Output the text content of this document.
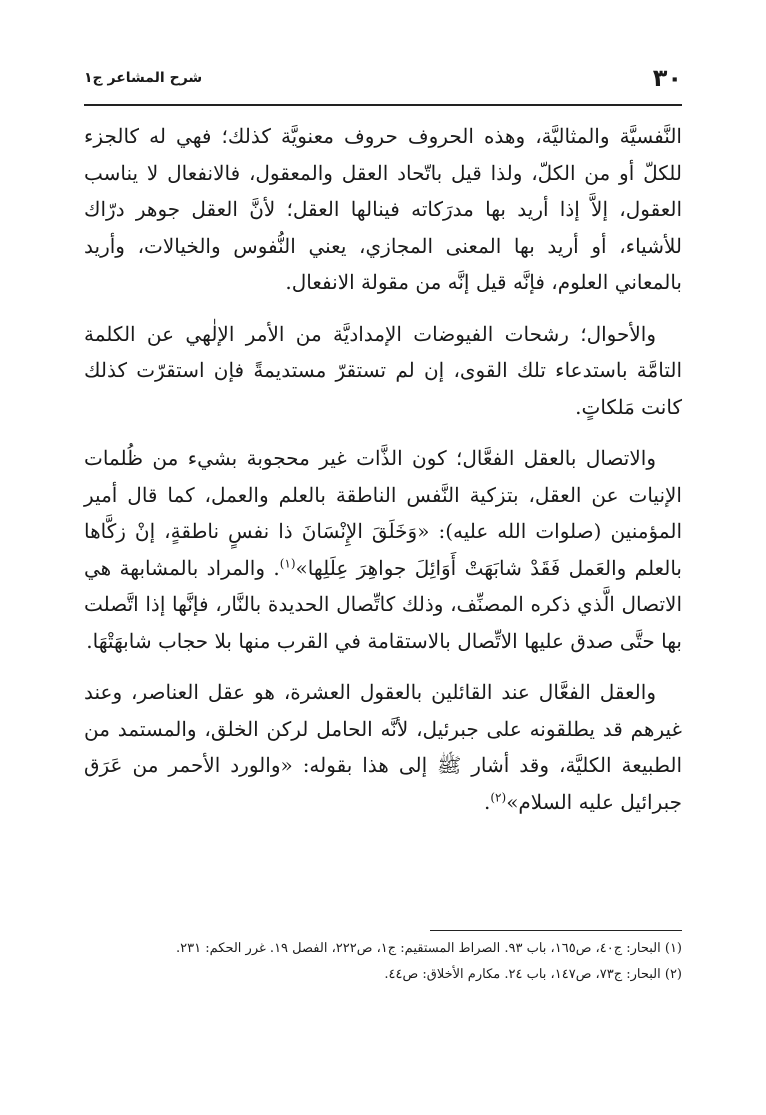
٣٠
شرح المشاعر ج١

النَّفسيَّة والمثاليَّة، وهذه الحروف حروف معنويَّة كذلك؛ فهي له كالجزء للكلّ أو من الكلّ، ولذا قيل باتّحاد العقل والمعقول، فالانفعال لا يناسب العقول، إلاَّ إذا أريد بها مدرَكاته فينالها العقل؛ لأنَّ العقل جوهر درّاك للأشياء، أو أريد بها المعنى المجازي، يعني النُّفوس والخيالات، وأريد بالمعاني العلوم، فإنَّه قيل إنَّه من مقولة الانفعال.

والأحوال؛ رشحات الفيوضات الإمداديَّة من الأمر الإلٰهي عن الكلمة التامَّة باستدعاء تلك القوى، إن لم تستقرّ مستديمةً فإن استقرّت كذلك كانت مَلكاتٍ.

والاتصال بالعقل الفعَّال؛ كون الذَّات غير محجوبة بشيء من ظُلمات الإنيات عن العقل، بتزكية النَّفس الناطقة بالعلم والعمل، كما قال أمير المؤمنين (صلوات الله عليه): «وَخَلَقَ الإِنْسَانَ ذا نفسٍ ناطقةٍ، إنْ زكَّاها بالعلم والعَمل فَقَدْ شابَهَتْ أَوَائِلَ جواهِرَ عِلَلِها»$^{(١)}$. والمراد بالمشابهة هي الاتصال الَّذي ذكره المصنِّف، وذلك كاتِّصال الحديدة بالنَّار، فإنَّها إذا اتَّصلت بها حتَّى صدق عليها الاتِّصال بالاستقامة في القرب منها بلا حجاب شابهَتْهَا.

والعقل الفعَّال عند القائلين بالعقول العشرة، هو عقل العناصر، وعند غيرهم قد يطلقونه على جبرئيل، لأنَّه الحامل لركن الخلق، والمستمد من الطبيعة الكليَّة، وقد أشار ﷺ إلى هذا بقوله: «والورد الأحمر من عَرَق جبرائيل عليه السلام»$^{(٢)}$.

(١) البحار: ج٤٠، ص١٦٥، باب ٩٣. الصراط المستقيم: ج١، ص٢٢٢، الفصل ١٩. غرر الحكم: ٢٣١.

(٢) البحار: ج٧٣، ص١٤٧، باب ٢٤. مكارم الأخلاق: ص٤٤.
